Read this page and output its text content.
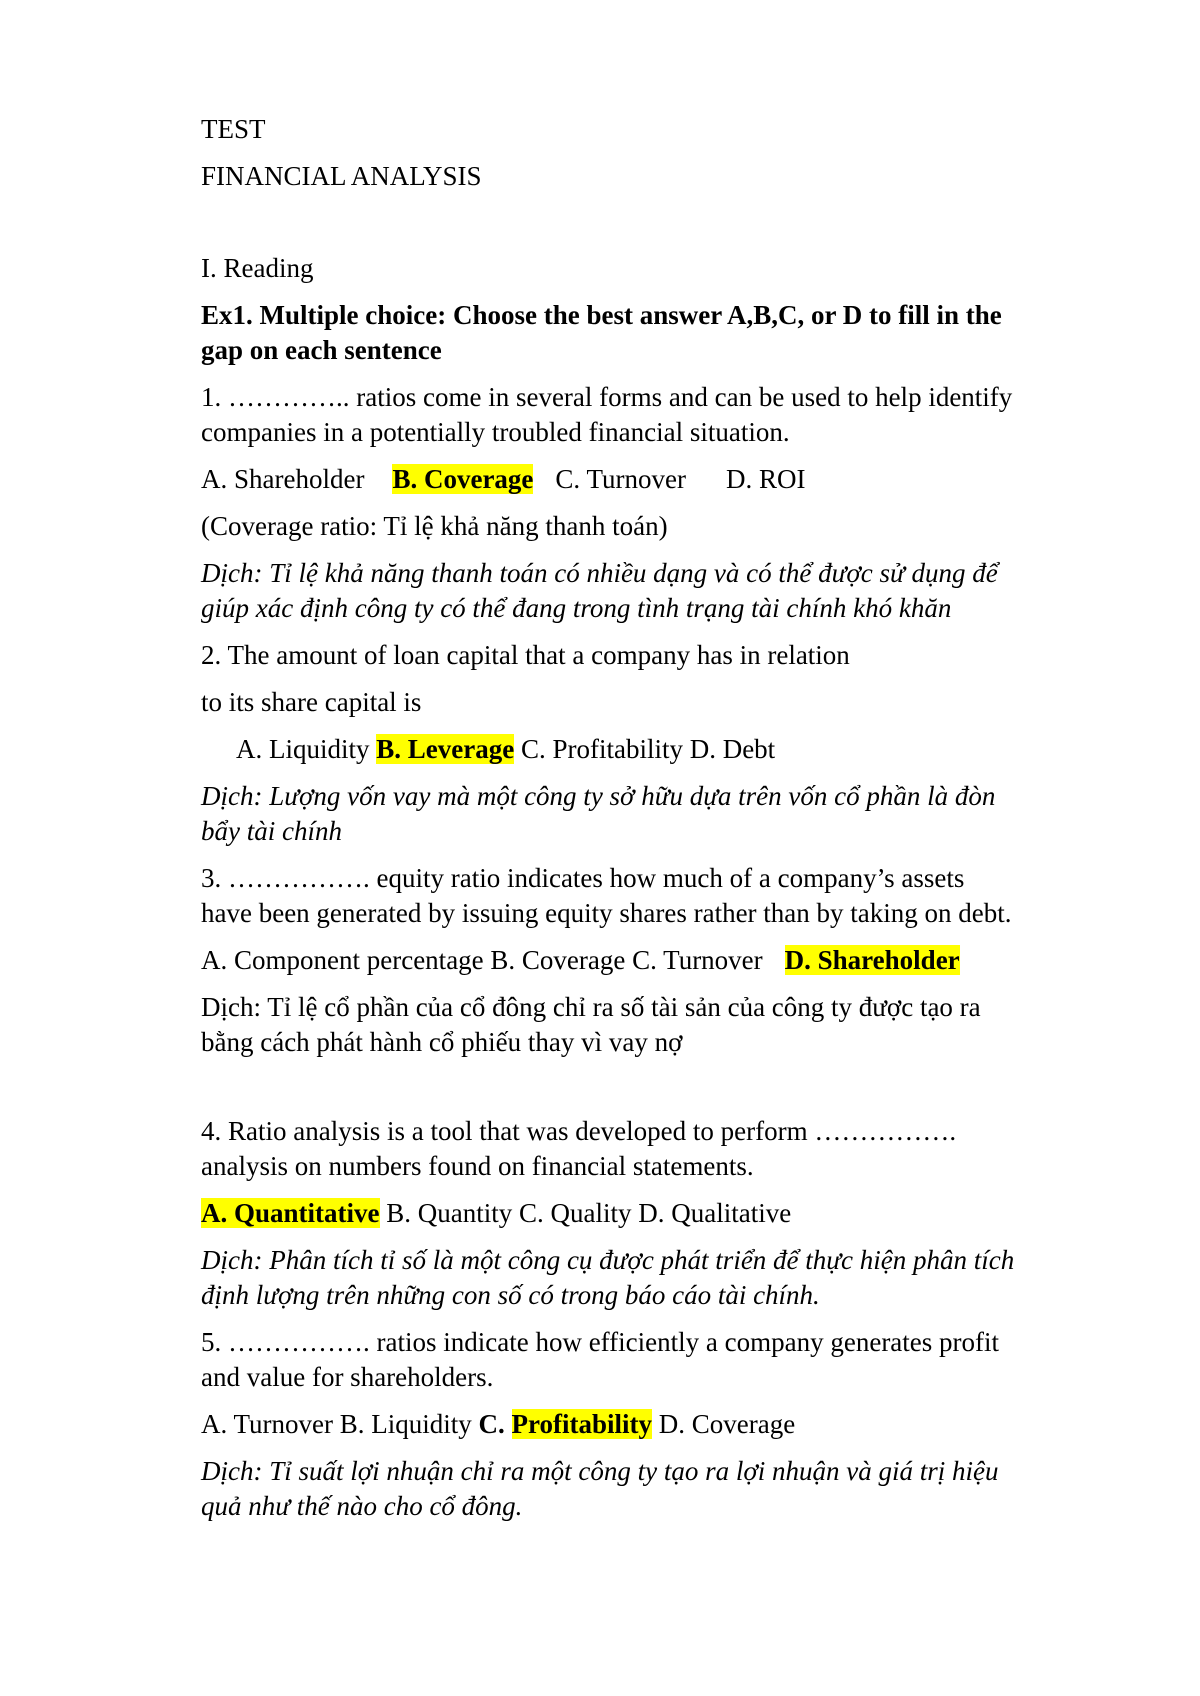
TEST

FINANCIAL ANALYSIS

I. Reading

Ex1. Multiple choice: Choose the best answer A,B,C, or D to fill in the

gap on each sentence

1. ………….. ratios come in several forms and can be used to help identify

companies in a potentially troubled financial situation.

A. Shareholder B. Coverage C. Turnover D. ROI

(Coverage ratio: Tỉ lệ khả năng thanh toán)

Dịch: Tỉ lệ khả năng thanh toán có nhiều dạng và có thể được sử dụng để

giúp xác định công ty có thể đang trong tình trạng tài chính khó khăn

2. The amount of loan capital that a company has in relation

to its share capital is

A. Liquidity B. Leverage C. Profitability D. Debt

Dịch: Lượng vốn vay mà một công ty sở hữu dựa trên vốn cổ phần là đòn

bẩy tài chính

3. ……………. equity ratio indicates how much of a company’s assets

have been generated by issuing equity shares rather than by taking on debt.

A. Component percentage B. Coverage C. Turnover D. Shareholder

Dịch: Tỉ lệ cổ phần của cổ đông chỉ ra số tài sản của công ty được tạo ra

bằng cách phát hành cổ phiếu thay vì vay nợ

4. Ratio analysis is a tool that was developed to perform …………….

analysis on numbers found on financial statements.

A. Quantitative B. Quantity C. Quality D. Qualitative

Dịch: Phân tích tỉ số là một công cụ được phát triển để thực hiện phân tích

định lượng trên những con số có trong báo cáo tài chính.

5. ……………. ratios indicate how efficiently a company generates profit

and value for shareholders.

A. Turnover B. Liquidity C. Profitability D. Coverage

Dịch: Tỉ suất lợi nhuận chỉ ra một công ty tạo ra lợi nhuận và giá trị hiệu

quả như thế nào cho cổ đông.
